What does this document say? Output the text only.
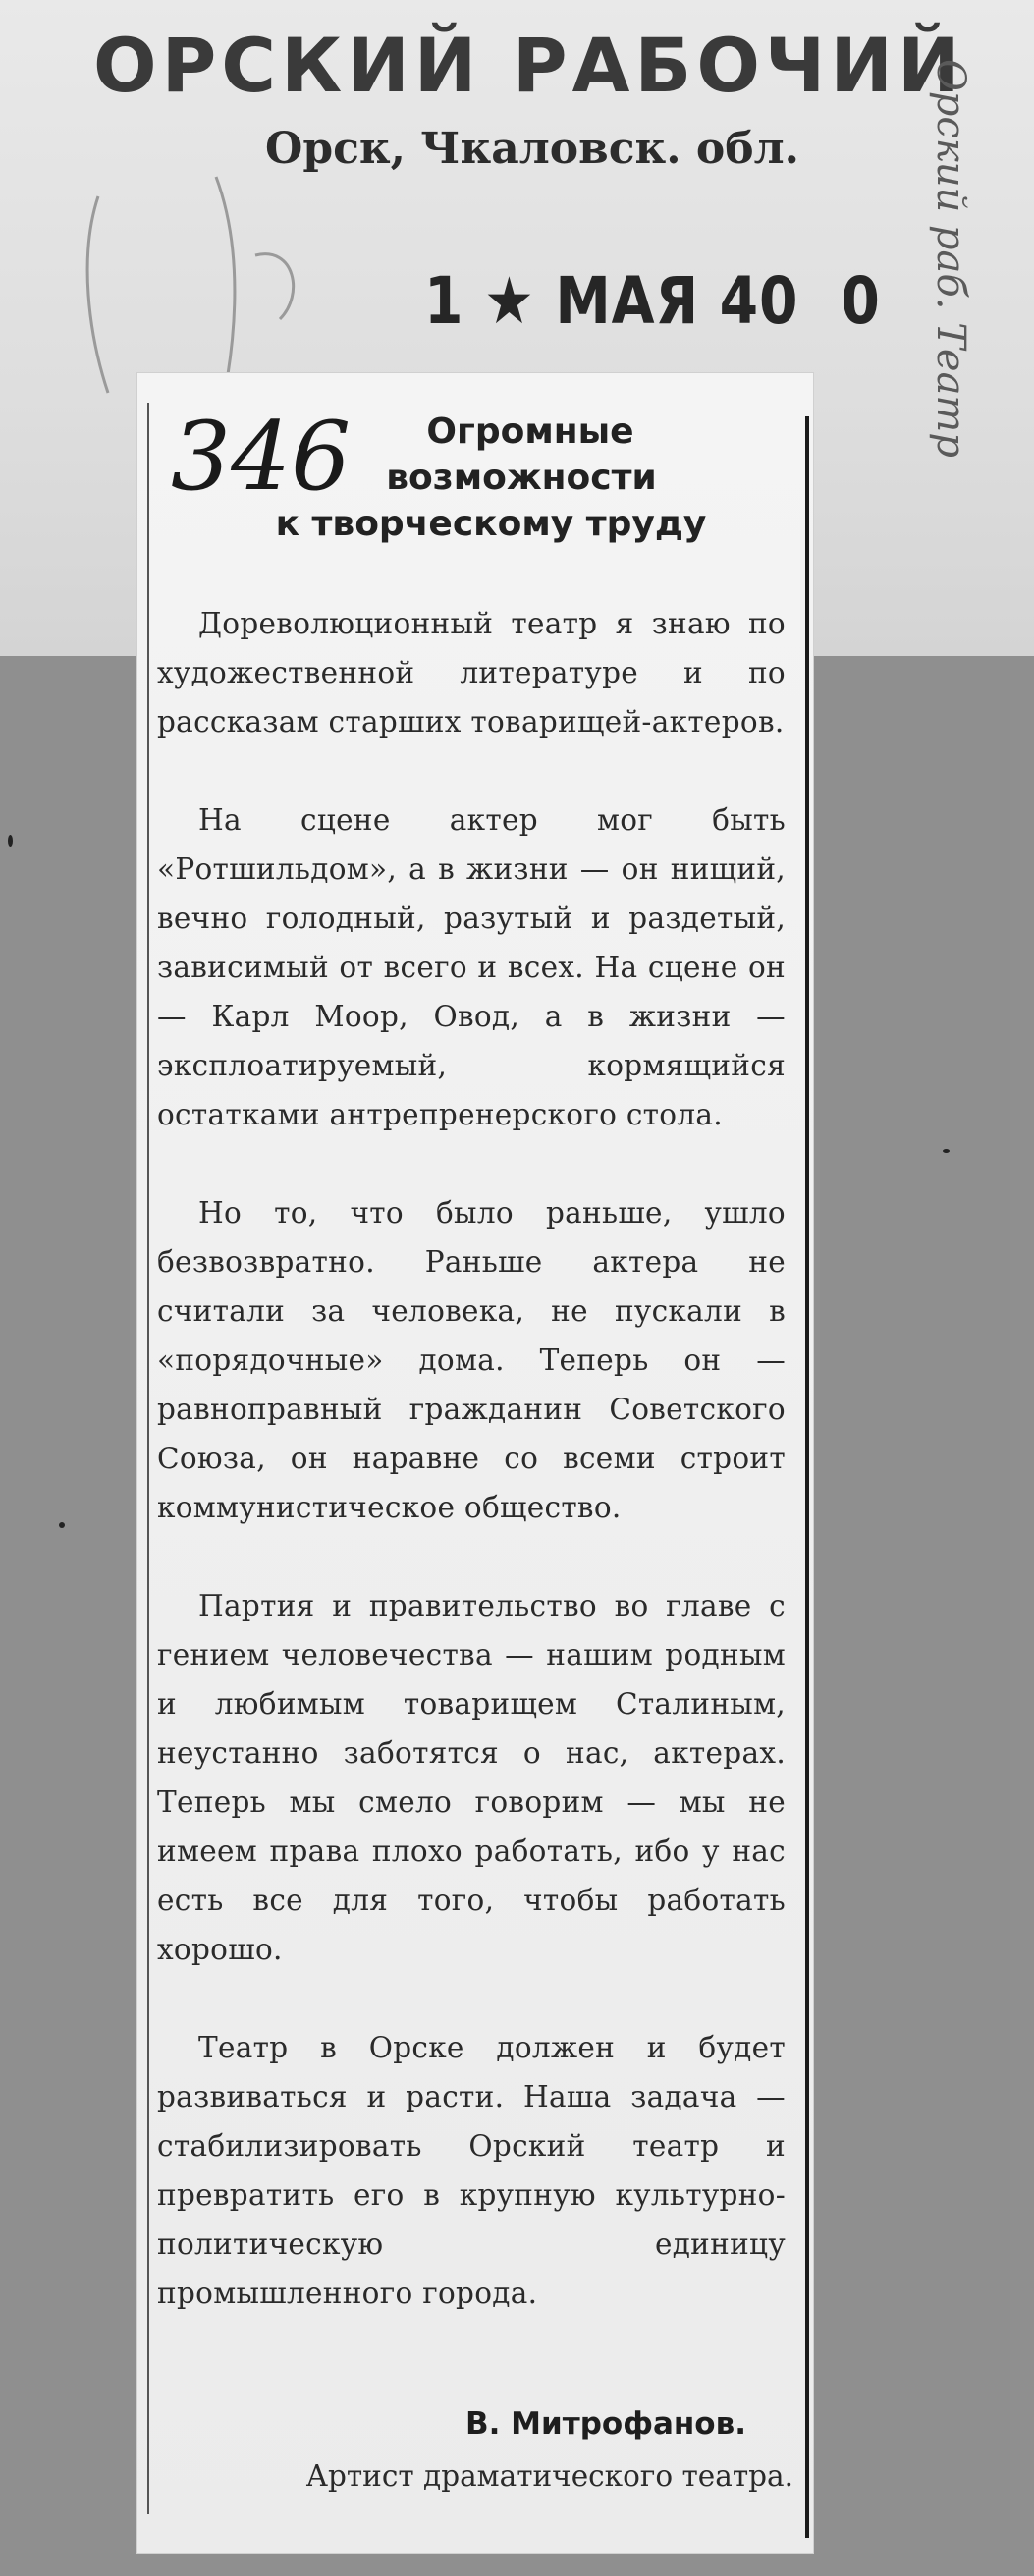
ОРСКИЙ РАБОЧИЙ
Орск, Чкаловск. обл.
1 ★ МАЯ 40 0 Орский раб. Театр
346	Огромные
возможности
к творческому труду

Дореволюционный театр я знаю по художественной литературе и по рассказам старших товарищей-актеров.

На сцене актер мог быть «Ротшильдом», а в жизни — он нищий, вечно голодный, разутый и раздетый, зависимый от всего и всех. На сцене он — Карл Моор, Овод, а в жизни — эксплоатируемый, кормящийся остатками антрепренерского стола.

Но то, что было раньше, ушло безвозвратно. Раньше актера не считали за человека, не пускали в «порядочные» дома. Теперь он — равноправный гражданин Советского Союза, он наравне со всеми строит коммунистическое общество.

Партия и правительство во главе с гением человечества — нашим родным и любимым товарищем Сталиным, неустанно заботятся о нас, актерах. Теперь мы смело говорим — мы не имеем права плохо работать, ибо у нас есть все для того, чтобы работать хорошо.

Театр в Орске должен и будет развиваться и расти. Наша задача — стабилизировать Орский театр и превратить его в крупную культурно-политическую единицу промышленного города.

В. Митрофанов.
Артист драматического театра.
